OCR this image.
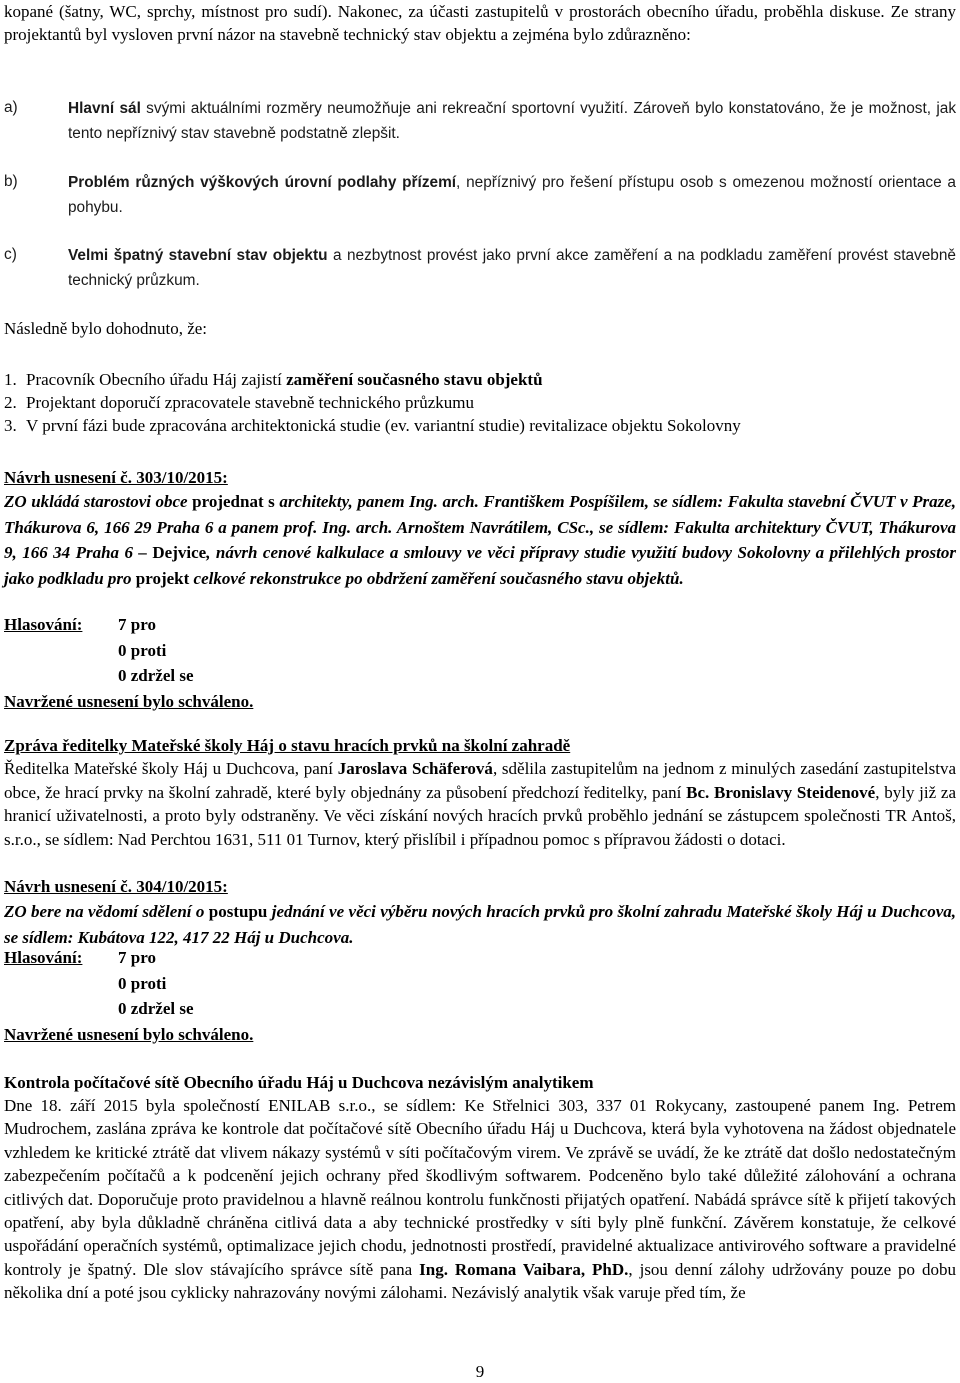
kopané (šatny, WC, sprchy, místnost pro sudí). Nakonec, za účasti zastupitelů v prostorách obecního úřadu, proběhla diskuse. Ze strany projektantů byl vysloven první názor na stavebně technický stav objektu a zejména bylo zdůrazněno:

a)	Hlavní sál svými aktuálními rozměry neumožňuje ani rekreační sportovní využití. Zároveň bylo konstatováno, že je možnost, jak tento nepříznivý stav stavebně podstatně zlepšit.
b)	Problém různých výškových úrovní podlahy přízemí, nepříznivý pro řešení přístupu osob s omezenou možností orientace a pohybu.
c)	Velmi špatný stavební stav objektu a nezbytnost provést jako první akce zaměření a na podkladu zaměření provést stavebně technický průzkum.

Následně bylo dohodnuto, že:

1. Pracovník Obecního úřadu Háj zajistí zaměření současného stavu objektů
2. Projektant doporučí zpracovatele stavebně technického průzkumu
3. V první fázi bude zpracována architektonická studie (ev. variantní studie) revitalizace objektu Sokolovny

Návrh usnesení č. 303/10/2015:

ZO ukládá starostovi obce projednat s architekty, panem Ing. arch. Františkem Pospíšilem, se sídlem: Fakulta stavební ČVUT v Praze, Thákurova 6, 166 29 Praha 6 a panem prof. Ing. arch. Arnoštem Navrátilem, CSc., se sídlem: Fakulta architektury ČVUT, Thákurova 9, 166 34 Praha 6 – Dejvice, návrh cenové kalkulace a smlouvy ve věci přípravy studie využití budovy Sokolovny a přilehlých prostor jako podkladu pro projekt celkové rekonstrukce po obdržení zaměření současného stavu objektů.

Hlasování: 7 pro
0 proti
0 zdržel se
Navržené usnesení bylo schváleno.

Zpráva ředitelky Mateřské školy Háj o stavu hracích prvků na školní zahradě

Ředitelka Mateřské školy Háj u Duchcova, paní Jaroslava Schäferová, sdělila zastupitelům na jednom z minulých zasedání zastupitelstva obce, že hrací prvky na školní zahradě, které byly objednány za působení předchozí ředitelky, paní Bc. Bronislavy Steidenové, byly již za hranicí uživatelnosti, a proto byly odstraněny. Ve věci získání nových hracích prvků proběhlo jednání se zástupcem společnosti TR Antoš, s.r.o., se sídlem: Nad Perchtou 1631, 511 01 Turnov, který přislíbil i případnou pomoc s přípravou žádosti o dotaci.

Návrh usnesení č. 304/10/2015:

ZO bere na vědomí sdělení o postupu jednání ve věci výběru nových hracích prvků pro školní zahradu Mateřské školy Háj u Duchcova, se sídlem: Kubátova 122, 417 22 Háj u Duchcova.

Hlasování: 7 pro
0 proti
0 zdržel se
Navržené usnesení bylo schváleno.

Kontrola počítačové sítě Obecního úřadu Háj u Duchcova nezávislým analytikem

Dne 18. září 2015 byla společností ENILAB s.r.o., se sídlem: Ke Střelnici 303, 337 01 Rokycany, zastoupené panem Ing. Petrem Mudrochem, zaslána zpráva ke kontrole dat počítačové sítě Obecního úřadu Háj u Duchcova, která byla vyhotovena na žádost objednatele vzhledem ke kritické ztrátě dat vlivem nákazy systémů v síti počítačovým virem. Ve zprávě se uvádí, že ke ztrátě dat došlo nedostatečným zabezpečením počítačů a k podcenění jejich ochrany před škodlivým softwarem. Podceněno bylo také důležité zálohování a ochrana citlivých dat. Doporučuje proto pravidelnou a hlavně reálnou kontrolu funkčnosti přijatých opatření. Nabádá správce sítě k přijetí takových opatření, aby byla důkladně chráněna citlivá data a aby technické prostředky v síti byly plně funkční. Závěrem konstatuje, že celkové uspořádání operačních systémů, optimalizace jejich chodu, jednotnosti prostředí, pravidelné aktualizace antivirového software a pravidelné kontroly je špatný. Dle slov stávajícího správce sítě pana Ing. Romana Vaibara, PhD., jsou denní zálohy udržovány pouze po dobu několika dní a poté jsou cyklicky nahrazovány novými zálohami. Nezávislý analytik však varuje před tím, že

9
